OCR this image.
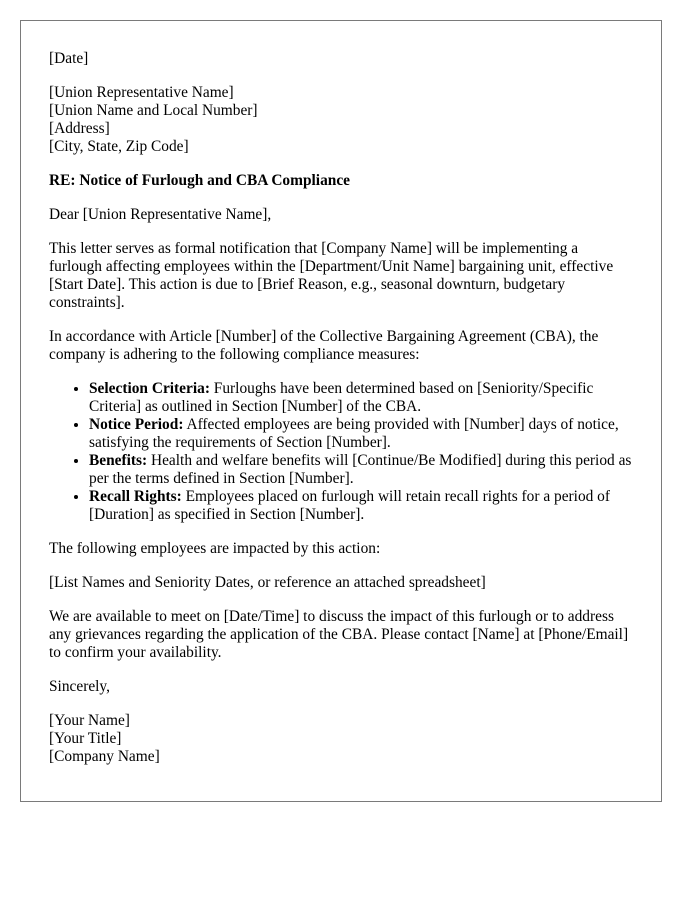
[Date]

[Union Representative Name]
[Union Name and Local Number]
[Address]
[City, State, Zip Code]

RE: Notice of Furlough and CBA Compliance

Dear [Union Representative Name],

This letter serves as formal notification that [Company Name] will be implementing a furlough affecting employees within the [Department/Unit Name] bargaining unit, effective [Start Date]. This action is due to [Brief Reason, e.g., seasonal downturn, budgetary constraints].

In accordance with Article [Number] of the Collective Bargaining Agreement (CBA), the company is adhering to the following compliance measures:

• Selection Criteria: Furloughs have been determined based on [Seniority/Specific Criteria] as outlined in Section [Number] of the CBA.
• Notice Period: Affected employees are being provided with [Number] days of notice, satisfying the requirements of Section [Number].
• Benefits: Health and welfare benefits will [Continue/Be Modified] during this period as per the terms defined in Section [Number].
• Recall Rights: Employees placed on furlough will retain recall rights for a period of [Duration] as specified in Section [Number].

The following employees are impacted by this action:

[List Names and Seniority Dates, or reference an attached spreadsheet]

We are available to meet on [Date/Time] to discuss the impact of this furlough or to address any grievances regarding the application of the CBA. Please contact [Name] at [Phone/Email] to confirm your availability.

Sincerely,

[Your Name]
[Your Title]
[Company Name]
